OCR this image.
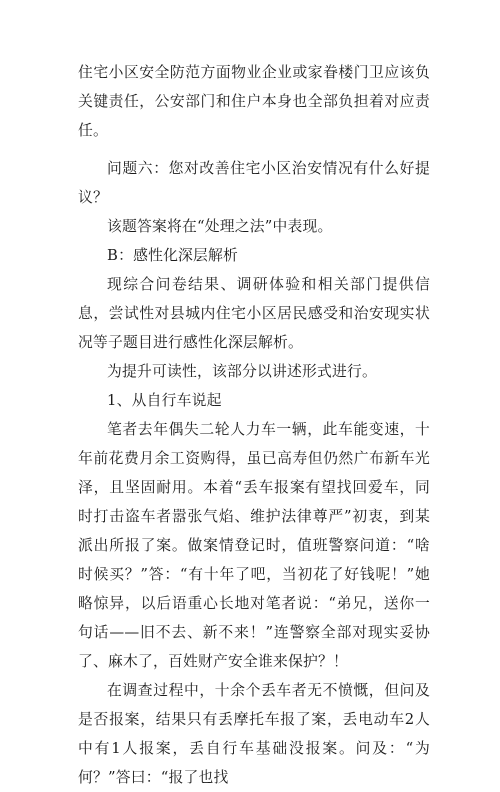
住宅小区安全防范方面物业企业或家眷楼门卫应该负关键责任，公安部门和住户本身也全部负担着对应责任。

问题六：您对改善住宅小区治安情况有什么好提议？

该题答案将在“处理之法”中表现。

B：感性化深层解析

现综合问卷结果、调研体验和相关部门提供信息，尝试性对县城内住宅小区居民感受和治安现实状况等子题目进行感性化深层解析。

为提升可读性，该部分以讲述形式进行。

1、从自行车说起

笔者去年偶失二轮人力车一辆，此车能变速，十年前花费月余工资购得，虽已高寿但仍然广布新车光泽，且坚固耐用。本着“丢车报案有望找回爱车，同时打击盗车者嚣张气焰、维护法律尊严”初衷，到某派出所报了案。做案情登记时，值班警察问道：“啥时候买？”答：“有十年了吧，当初花了好钱呢！”她略惊异，以后语重心长地对笔者说：“弟兄，送你一句话——旧不去、新不来！”连警察全部对现实妥协了、麻木了，百姓财产安全谁来保护？！

在调查过程中，十余个丢车者无不愤慨，但问及是否报案，结果只有丢摩托车报了案，丢电动车2人中有1人报案，丢自行车基础没报案。问及：“为何？”答曰：“报了也找
